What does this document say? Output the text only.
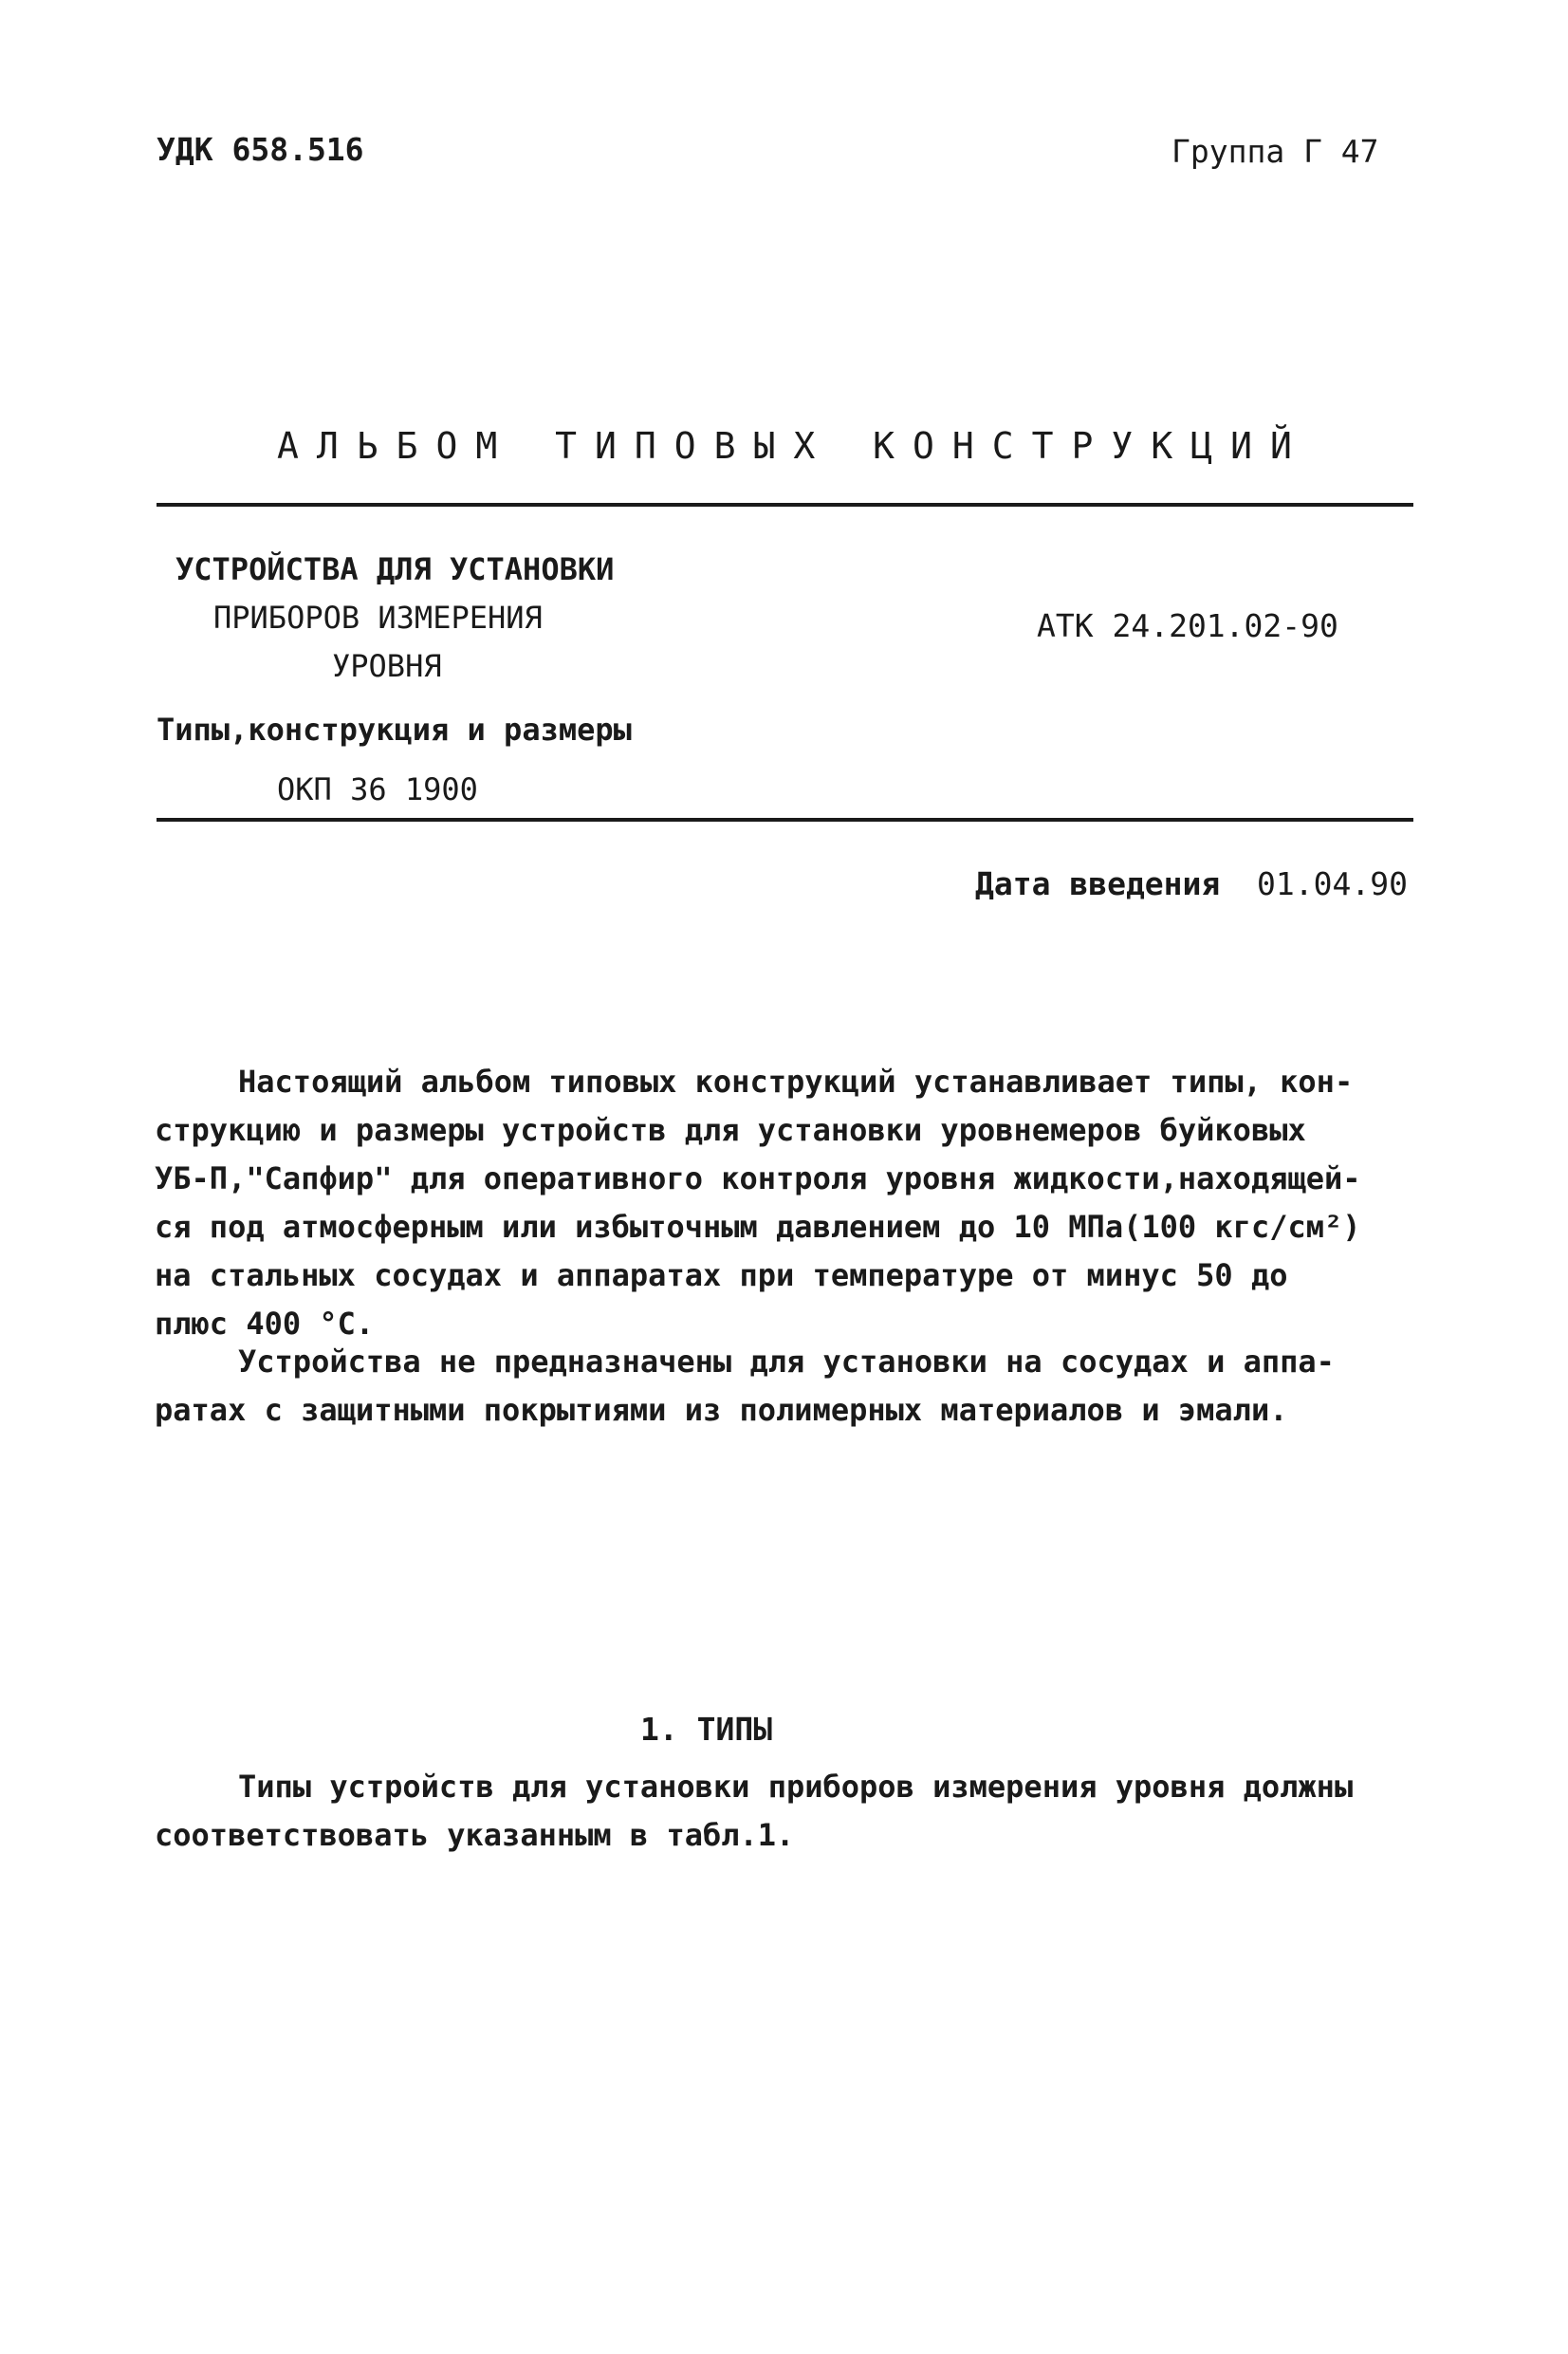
УДК 658.516	Группа Г 47
АЛЬБОМ ТИПОВЫХ КОНСТРУКЦИЙ
УСТРОЙСТВА ДЛЯ УСТАНОВКИ
ПРИБОРОВ ИЗМЕРЕНИЯ
УРОВНЯ
АТК 24.201.02-90
Типы,конструкция и размеры
ОКП 36 1900
Дата введения 01.04.90
Настоящий альбом типовых конструкций устанавливает типы, кон-
струкцию и размеры устройств для установки уровнемеров буйковых
УБ-П,"Сапфир" для оперативного контроля уровня жидкости,находящей-
ся под атмосферным или избыточным давлением до 10 МПа(100 кгс/см²)
на стальных сосудах и аппаратах при температуре от минус 50 до
плюс 400 °С.
Устройства не предназначены для установки на сосудах и аппа-
ратах с защитными покрытиями из полимерных материалов и эмали.
1. ТИПЫ
Типы устройств для установки приборов измерения уровня должны
соответствовать указанным в табл.1.
